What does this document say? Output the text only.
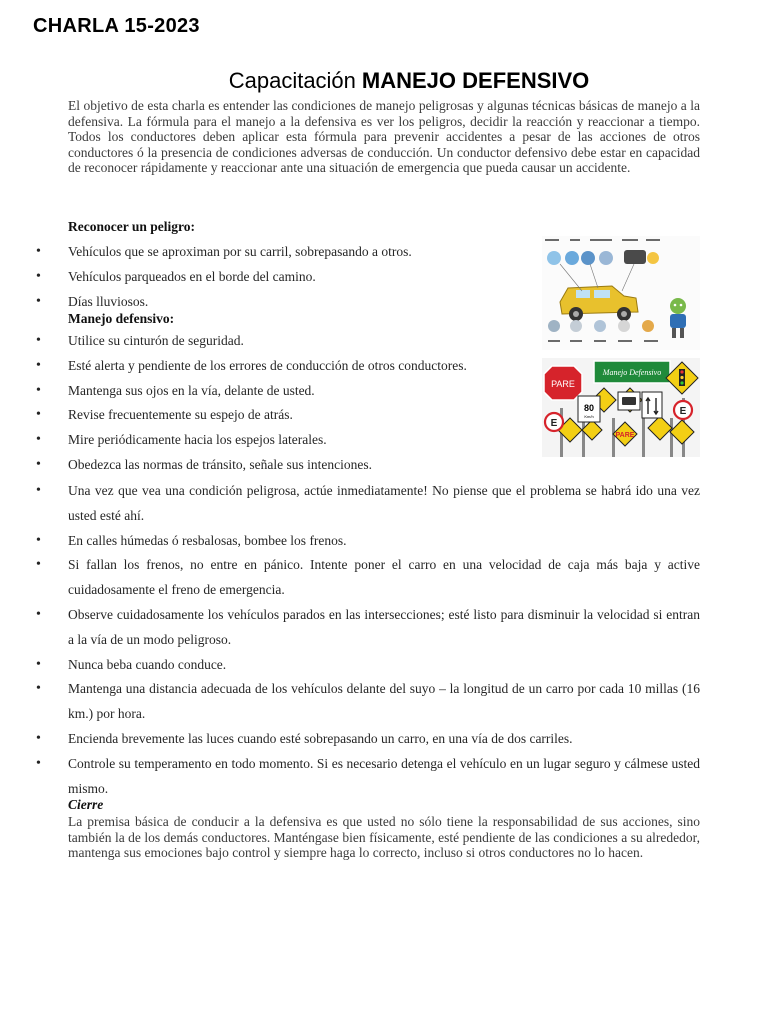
CHARLA 15-2023
Capacitación MANEJO DEFENSIVO

El objetivo de esta charla es entender las condiciones de manejo peligrosas y algunas técnicas básicas de manejo a la defensiva. La fórmula para el manejo a la defensiva es ver los peligros, decidir la reacción y reaccionar a tiempo. Todos los conductores deben aplicar esta fórmula para prevenir accidentes a pesar de las acciones de otros conductores ó la presencia de condiciones adversas de conducción. Un conductor defensivo debe estar en capacidad de reconocer rápidamente y reaccionar ante una situación de emergencia que pueda causar un accidente.

Reconocer un peligro:
• Vehículos que se aproximan por su carril, sobrepasando a otros.
• Vehículos parqueados en el borde del camino.
• Días lluviosos.
Manejo defensivo:
• Utilice su cinturón de seguridad.
• Esté alerta y pendiente de los errores de conducción de otros conductores.
• Mantenga sus ojos en la vía, delante de usted.
• Revise frecuentemente su espejo de atrás.
• Mire periódicamente hacia los espejos laterales.
• Obedezca las normas de tránsito, señale sus intenciones.
• Una vez que vea una condición peligrosa, actúe inmediatamente! No piense que el problema se habrá ido una vez usted esté ahí.
• En calles húmedas ó resbalosas, bombee los frenos.
• Si fallan los frenos, no entre en pánico. Intente poner el carro en una velocidad de caja más baja y active cuidadosamente el freno de emergencia.
• Observe cuidadosamente los vehículos parados en las intersecciones; esté listo para disminuir la velocidad si entran a la vía de un modo peligroso.
• Nunca beba cuando conduce.
• Mantenga una distancia adecuada de los vehículos delante del suyo – la longitud de un carro por cada 10 millas (16 km.) por hora.
• Encienda brevemente las luces cuando esté sobrepasando un carro, en una vía de dos carriles.
• Controle su temperamento en todo momento. Si es necesario detenga el vehículo en un lugar seguro y cálmese usted mismo.
Cierre

La premisa básica de conducir a la defensiva es que usted no sólo tiene la responsabilidad de sus acciones, sino también la de los demás conductores. Manténgase bien físicamente, esté pendiente de las condiciones a su alrededor, mantenga sus emociones bajo control y siempre haga lo correcto, incluso si otros conductores no lo hacen.

Manejo Defensivo
PARE
80
Km/h
E
E
PARE
